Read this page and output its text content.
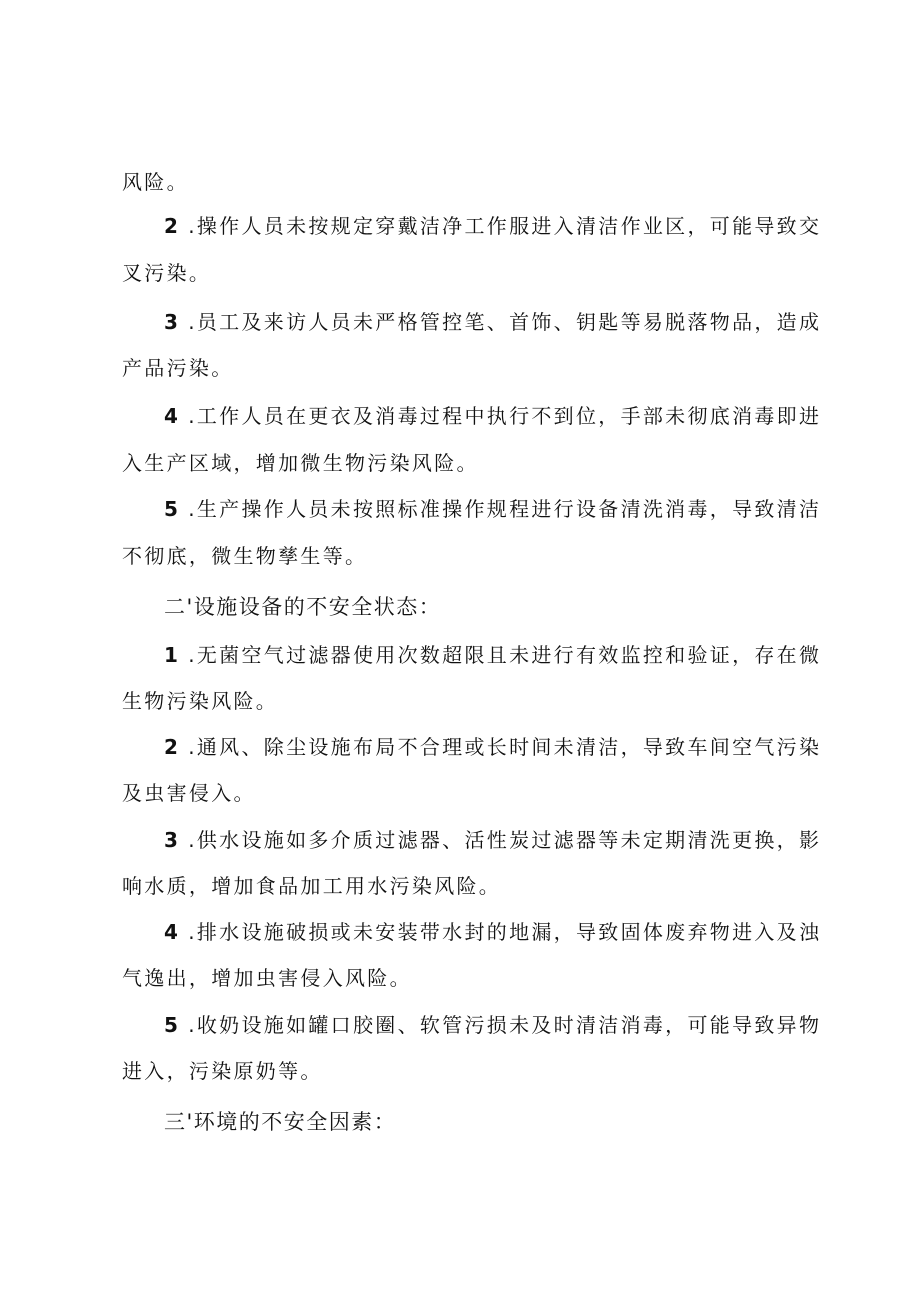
风险。
2 .操作人员未按规定穿戴洁净工作服进入清洁作业区，可能导致交
叉污染。
3 .员工及来访人员未严格管控笔、首饰、钥匙等易脱落物品，造成
产品污染。
4 .工作人员在更衣及消毒过程中执行不到位，手部未彻底消毒即进
入生产区域，增加微生物污染风险。
5 .生产操作人员未按照标准操作规程进行设备清洗消毒，导致清洁
不彻底，微生物孳生等。
二'设施设备的不安全状态：
1 .无菌空气过滤器使用次数超限且未进行有效监控和验证，存在微
生物污染风险。
2 .通风、除尘设施布局不合理或长时间未清洁，导致车间空气污染
及虫害侵入。
3 .供水设施如多介质过滤器、活性炭过滤器等未定期清洗更换，影
响水质，增加食品加工用水污染风险。
4 .排水设施破损或未安装带水封的地漏，导致固体废弃物进入及浊
气逸出，增加虫害侵入风险。
5 .收奶设施如罐口胶圈、软管污损未及时清洁消毒，可能导致异物
进入，污染原奶等。
三'环境的不安全因素：
